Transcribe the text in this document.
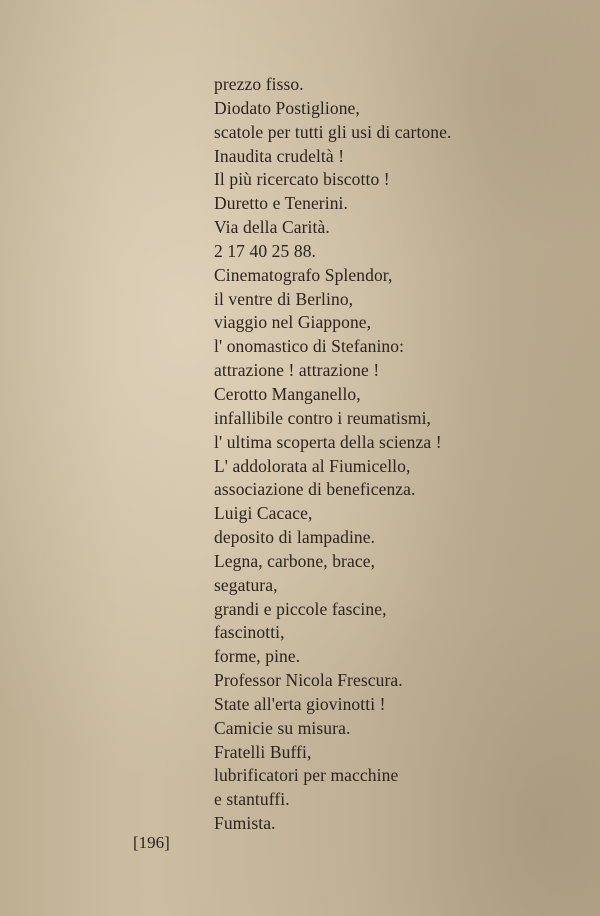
prezzo fisso.
Diodato Postiglione,
scatole per tutti gli usi di cartone.
Inaudita crudeltà !
Il più ricercato biscotto !
Duretto e Tenerini.
Via della Carità.
2 17 40 25 88.
Cinematografo Splendor,
il ventre di Berlino,
viaggio nel Giappone,
l' onomastico di Stefanino:
attrazione ! attrazione !
Cerotto Manganello,
infallibile contro i reumatismi,
l' ultima scoperta della scienza !
L' addolorata al Fiumicello,
associazione di beneficenza.
Luigi Cacace,
deposito di lampadine.
Legna, carbone, brace,
segatura,
grandi e piccole fascine,
fascinotti,
forme, pine.
Professor Nicola Frescura.
State all'erta giovinotti !
Camicie su misura.
Fratelli Buffi,
lubrificatori per macchine
e stantuffi.
Fumista.
[196]
